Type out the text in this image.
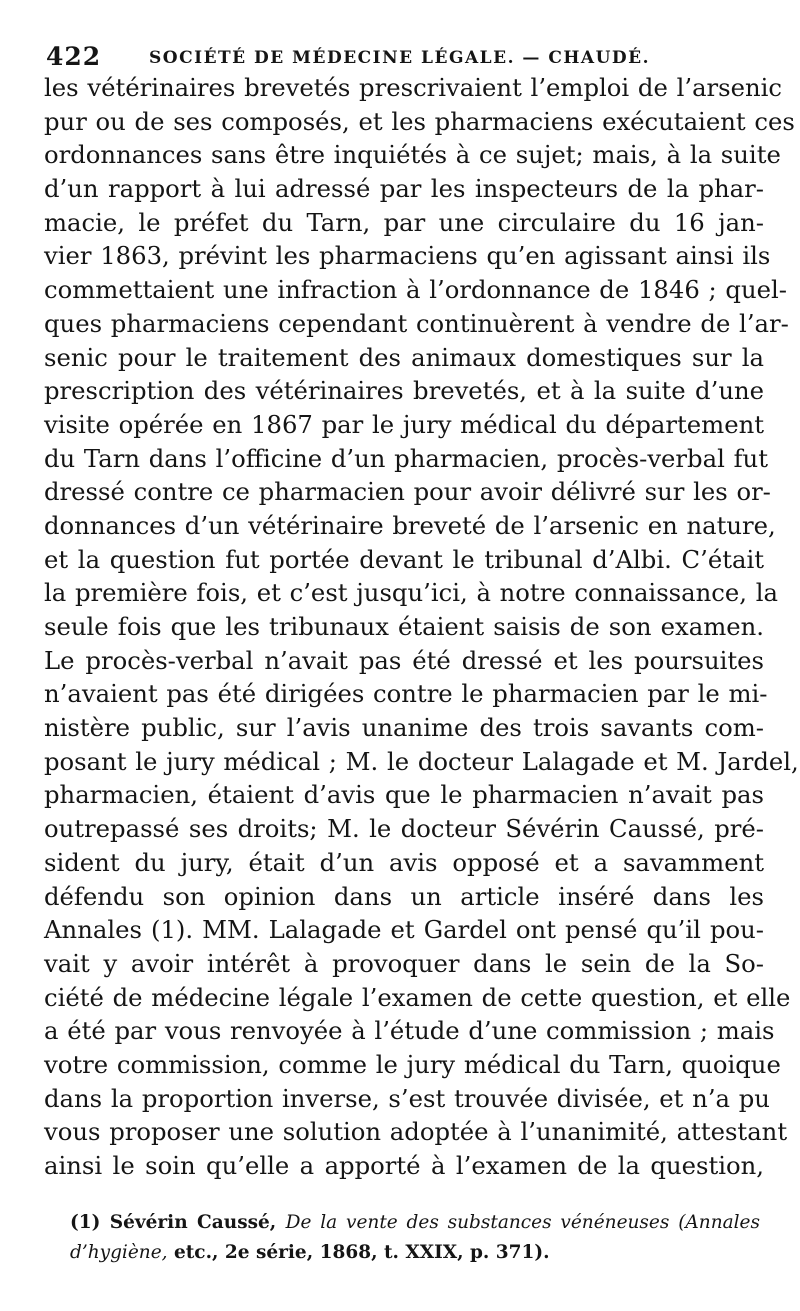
422	SOCIÉTÉ DE MÉDECINE LÉGALE. — CHAUDÉ.
les vétérinaires brevetés prescrivaient l’emploi de l’arsenic
pur ou de ses composés, et les pharmaciens exécutaient ces
ordonnances sans être inquiétés à ce sujet; mais, à la suite
d’un rapport à lui adressé par les inspecteurs de la phar-
macie, le préfet du Tarn, par une circulaire du 16 jan-
vier 1863, prévint les pharmaciens qu’en agissant ainsi ils
commettaient une infraction à l’ordonnance de 1846 ; quel-
ques pharmaciens cependant continuèrent à vendre de l’ar-
senic pour le traitement des animaux domestiques sur la
prescription des vétérinaires brevetés, et à la suite d’une
visite opérée en 1867 par le jury médical du département
du Tarn dans l’officine d’un pharmacien, procès-verbal fut
dressé contre ce pharmacien pour avoir délivré sur les or-
donnances d’un vétérinaire breveté de l’arsenic en nature,
et la question fut portée devant le tribunal d’Albi. C’était
la première fois, et c’est jusqu’ici, à notre connaissance, la
seule fois que les tribunaux étaient saisis de son examen.
Le procès-verbal n’avait pas été dressé et les poursuites
n’avaient pas été dirigées contre le pharmacien par le mi-
nistère public, sur l’avis unanime des trois savants com-
posant le jury médical ; M. le docteur Lalagade et M. Jardel,
pharmacien, étaient d’avis que le pharmacien n’avait pas
outrepassé ses droits; M. le docteur Sévérin Caussé, pré-
sident du jury, était d’un avis opposé et a savamment
défendu son opinion dans un article inséré dans les
Annales (1). MM. Lalagade et Gardel ont pensé qu’il pou-
vait y avoir intérêt à provoquer dans le sein de la So-
ciété de médecine légale l’examen de cette question, et elle
a été par vous renvoyée à l’étude d’une commission ; mais
votre commission, comme le jury médical du Tarn, quoique
dans la proportion inverse, s’est trouvée divisée, et n’a pu
vous proposer une solution adoptée à l’unanimité, attestant
ainsi le soin qu’elle a apporté à l’examen de la question,
(1) Sévérin Caussé, De la vente des substances vénéneuses (Annales
d’hygiène, etc., 2e série, 1868, t. XXIX, p. 371).
